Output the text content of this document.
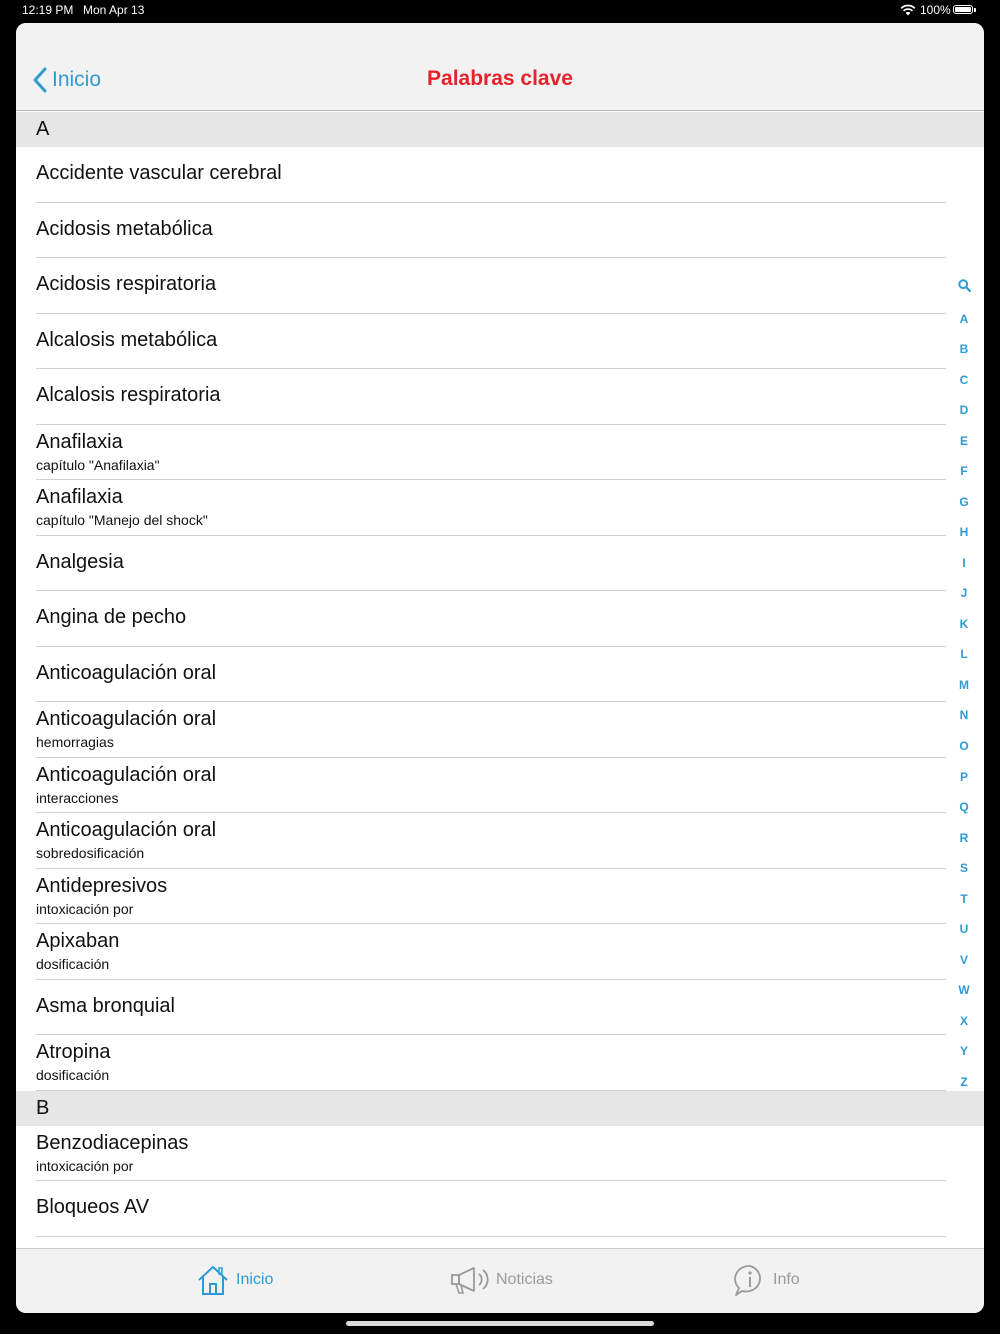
12:19 PM Mon Apr 13	100%
Inicio	Palabras clave
A
Accidente vascular cerebral
Acidosis metabólica
Acidosis respiratoria
Alcalosis metabólica
Alcalosis respiratoria
Anafilaxia
capítulo "Anafilaxia"
Anafilaxia
capítulo "Manejo del shock"
Analgesia
Angina de pecho
Anticoagulación oral
Anticoagulación oral
hemorragias
Anticoagulación oral
interacciones
Anticoagulación oral
sobredosificación
Antidepresivos
intoxicación por
Apixaban
dosificación
Asma bronquial
Atropina
dosificación
B
Benzodiacepinas
intoxicación por
Bloqueos AV
A
B
C
D
E
F
G
H
I
J
K
L
M
N
O
P
Q
R
S
T
U
V
W
X
Y
Z
Inicio	Noticias	Info
